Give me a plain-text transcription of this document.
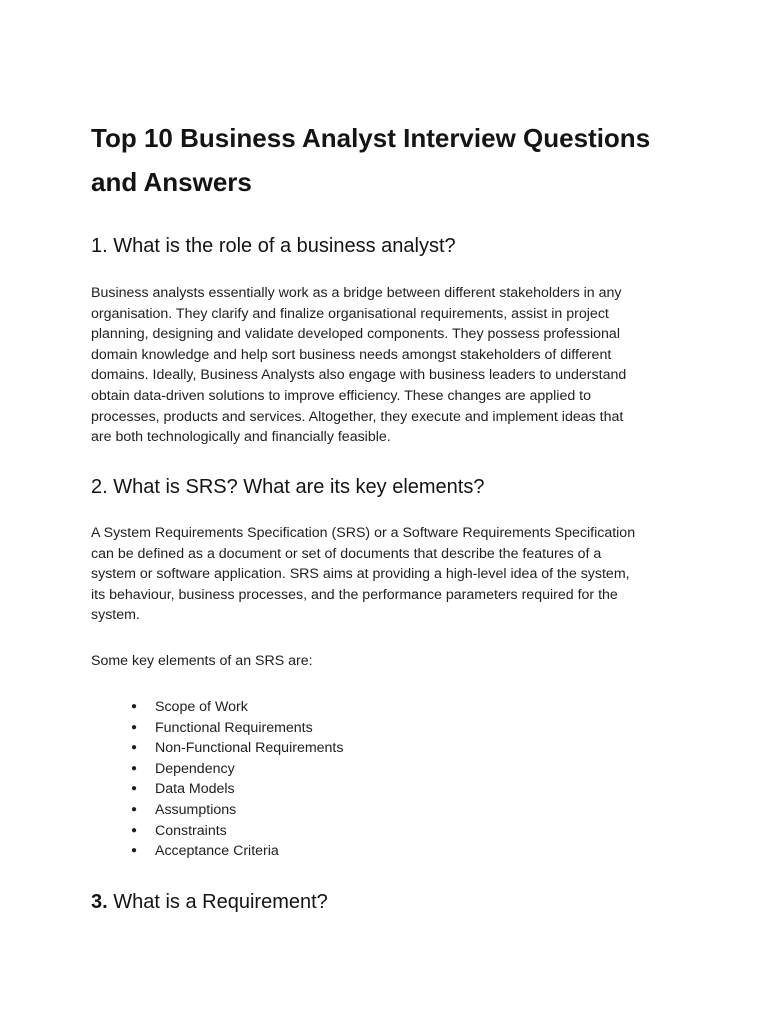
Top 10 Business Analyst Interview Questions and Answers
1. What is the role of a business analyst?

Business analysts essentially work as a bridge between different stakeholders in any
organisation. They clarify and finalize organisational requirements, assist in project
planning, designing and validate developed components. They possess professional
domain knowledge and help sort business needs amongst stakeholders of different
domains. Ideally, Business Analysts also engage with business leaders to understand
obtain data-driven solutions to improve efficiency. These changes are applied to
processes, products and services. Altogether, they execute and implement ideas that
are both technologically and financially feasible.

2. What is SRS? What are its key elements?

A System Requirements Specification (SRS) or a Software Requirements Specification
can be defined as a document or set of documents that describe the features of a
system or software application. SRS aims at providing a high-level idea of the system,
its behaviour, business processes, and the performance parameters required for the
system.

Some key elements of an SRS are:

● Scope of Work
● Functional Requirements
● Non-Functional Requirements
● Dependency
● Data Models
● Assumptions
● Constraints
● Acceptance Criteria
3. What is a Requirement?
